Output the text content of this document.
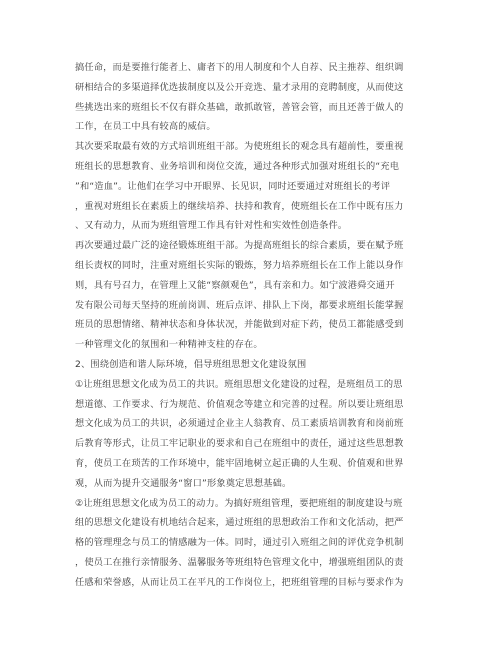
搞任命，而是要推行能者上、庸者下的用人制度和个人自荐、民主推荐、组织调
研相结合的多渠道择优选拔制度以及公开竞选、量才录用的竞聘制度，从而使这
些挑选出来的班组长不仅有群众基础，敢抓敢管，善管会管，而且还善于做人的
工作，在员工中具有较高的威信。
其次要采取最有效的方式培训班组干部。为使班组长的观念具有超前性，要重视
班组长的思想教育、业务培训和岗位交流，通过各种形式加强对班组长的“充电
”和“造血”。让他们在学习中开眼界、长见识，同时还要通过对班组长的考评
，重视对班组长在素质上的继续培养、扶持和教育，使班组长在工作中既有压力
、又有动力，从而为班组管理工作具有针对性和实效性创造条件。
再次要通过最广泛的途径锻炼班组干部。为提高班组长的综合素质，要在赋予班
组长责权的同时，注重对班组长实际的锻炼，努力培养班组长在工作上能以身作
则，具有号召力，在管理上又能“察颜观色”，具有亲和力。如宁波港舜交通开
发有限公司每天坚持的班前岗训、班后点评、排队上下岗，都要求班组长能掌握
班员的思想情绪、精神状态和身体状况，并能做到对症下药，使员工都能感受到
一种管理文化的氛围和一种精神支柱的存在。
2、围绕创造和谐人际环境，倡导班组思想文化建设氛围
①让班组思想文化成为员工的共识。班组思想文化建设的过程，是班组员工的思
想道德、工作要求、行为规范、价值观念等建立和完善的过程。所以要让班组思
想文化成为员工的共识，必须通过企业主人翁教育、员工素质培训教育和岗前班
后教育等形式，让员工牢记职业的要求和自己在班组中的责任，通过这些思想教
育，使员工在琐苦的工作环境中，能牢固地树立起正确的人生观、价值观和世界
观，从而为提升交通服务“窗口”形象奠定思想基础。
②让班组思想文化成为员工的动力。为搞好班组管理，要把班组的制度建设与班
组的思想文化建设有机地结合起来，通过班组的思想政治工作和文化活动，把严
格的管理理念与员工的情感融为一体。同时，通过引入班组之间的评优竞争机制
，使员工在推行亲情服务、温馨服务等班组特色管理文化中，增强班组团队的责
任感和荣誉感，从而让员工在平凡的工作岗位上，把班组管理的目标与要求作为
